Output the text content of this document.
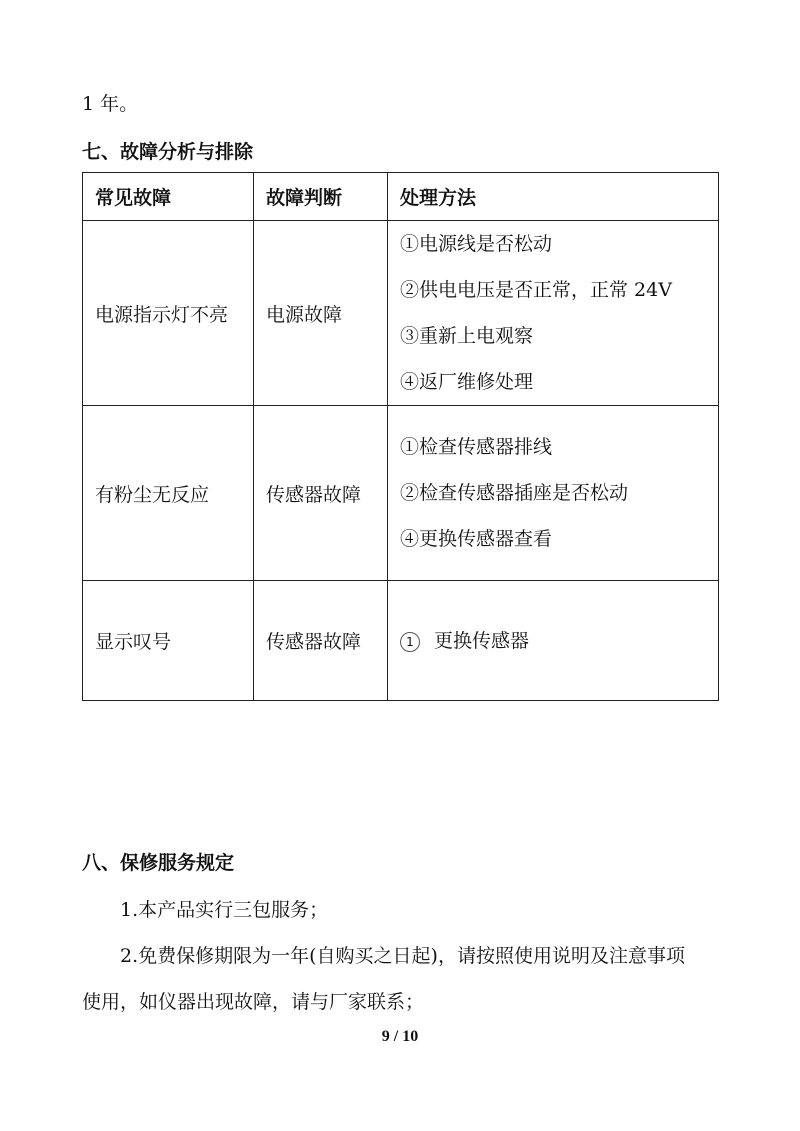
1 年。
七、故障分析与排除
常见故障	故障判断	处理方法
电源指示灯不亮	电源故障	①电源线是否松动
②供电电压是否正常，正常 24V
③重新上电观察
④返厂维修处理

有粉尘无反应	传感器故障	①检查传感器排线
②检查传感器插座是否松动
④更换传感器查看

显示叹号	传感器故障	1 更换传感器
八、保修服务规定
1.本产品实行三包服务；
2.免费保修期限为一年(自购买之日起)，请按照使用说明及注意事项
使用，如仪器出现故障，请与厂家联系；
9 / 10
